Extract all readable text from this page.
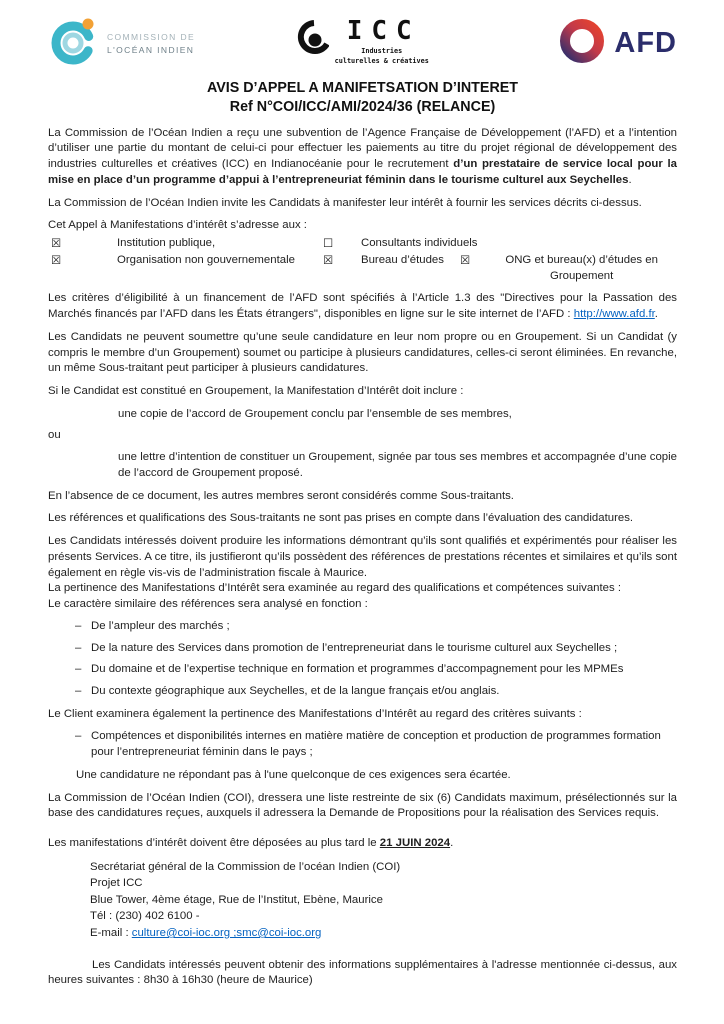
COMMISSION DE
L'OCÉAN INDIEN
ICC
Industries
culturelles & créatives
AFD
AVIS D’APPEL A MANIFETSATION D’INTERET
Ref N°COI/ICC/AMI/2024/36 (RELANCE)

La Commission de l’Océan Indien a reçu une subvention de l’Agence Française de Développement (l’AFD) et a l’intention d’utiliser une partie du montant de celui-ci pour effectuer les paiements au titre du projet régional de développement des industries culturelles et créatives (ICC) en Indianocéanie pour le recrutement d’un prestataire de service local pour la mise en place d’un programme d’appui à l’entrepreneuriat féminin dans le tourisme culturel aux Seychelles.

La Commission de l’Océan Indien invite les Candidats à manifester leur intérêt à fournir les services décrits ci-dessus.

Cet Appel à Manifestations d’intérêt s’adresse aux :

☒	Institution publique,	☐	Consultants individuels
☒	Organisation non gouvernementale	☒	Bureau d’études ☒	ONG et bureau(x) d’études en
Groupement

Les critères d’éligibilité à un financement de l’AFD sont spécifiés à l’Article 1.3 des "Directives pour la Passation des Marchés financés par l’AFD dans les États étrangers", disponibles en ligne sur le site internet de l’AFD : http://www.afd.fr.

Les Candidats ne peuvent soumettre qu’une seule candidature en leur nom propre ou en Groupement. Si un Candidat (y compris le membre d’un Groupement) soumet ou participe à plusieurs candidatures, celles-ci seront éliminées. En revanche, un même Sous-traitant peut participer à plusieurs candidatures.

Si le Candidat est constitué en Groupement, la Manifestation d’Intérêt doit inclure :

une copie de l’accord de Groupement conclu par l’ensemble de ses membres,
ou
une lettre d’intention de constituer un Groupement, signée par tous ses membres et accompagnée d’une copie de l’accord de Groupement proposé.

En l’absence de ce document, les autres membres seront considérés comme Sous-traitants.

Les références et qualifications des Sous-traitants ne sont pas prises en compte dans l’évaluation des candidatures.

Les Candidats intéressés doivent produire les informations démontrant qu’ils sont qualifiés et expérimentés pour réaliser les présents Services. A ce titre, ils justifieront qu’ils possèdent des références de prestations récentes et similaires et qu’ils sont également en règle vis-vis de l’administration fiscale à Maurice.

La pertinence des Manifestations d’Intérêt sera examinée au regard des qualifications et compétences suivantes :
Le caractère similaire des références sera analysé en fonction :

– De l’ampleur des marchés ;
– De la nature des Services dans promotion de l’entrepreneuriat dans le tourisme culturel aux Seychelles ;
– Du domaine et de l’expertise technique en formation et programmes d’accompagnement pour les MPMEs
– Du contexte géographique aux Seychelles, et de la langue français et/ou anglais.

Le Client examinera également la pertinence des Manifestations d’Intérêt au regard des critères suivants :

– Compétences et disponibilités internes en matière matière de conception et production de programmes formation pour l’entrepreneuriat féminin dans le pays ;
Une candidature ne répondant pas à l'une quelconque de ces exigences sera écartée.

La Commission de l’Océan Indien (COI), dressera une liste restreinte de six (6) Candidats maximum, présélectionnés sur la base des candidatures reçues, auxquels il adressera la Demande de Propositions pour la réalisation des Services requis.

Les manifestations d’intérêt doivent être déposées au plus tard le 21 JUIN 2024.

Secrétariat général de la Commission de l’océan Indien (COI)
Projet ICC
Blue Tower, 4ème étage, Rue de l’Institut, Ebène, Maurice
Tél : (230) 402 6100 -
E-mail : culture@coi-ioc.org ;smc@coi-ioc.org

Les Candidats intéressés peuvent obtenir des informations supplémentaires à l'adresse mentionnée ci-dessus, aux heures suivantes : 8h30 à 16h30 (heure de Maurice)
